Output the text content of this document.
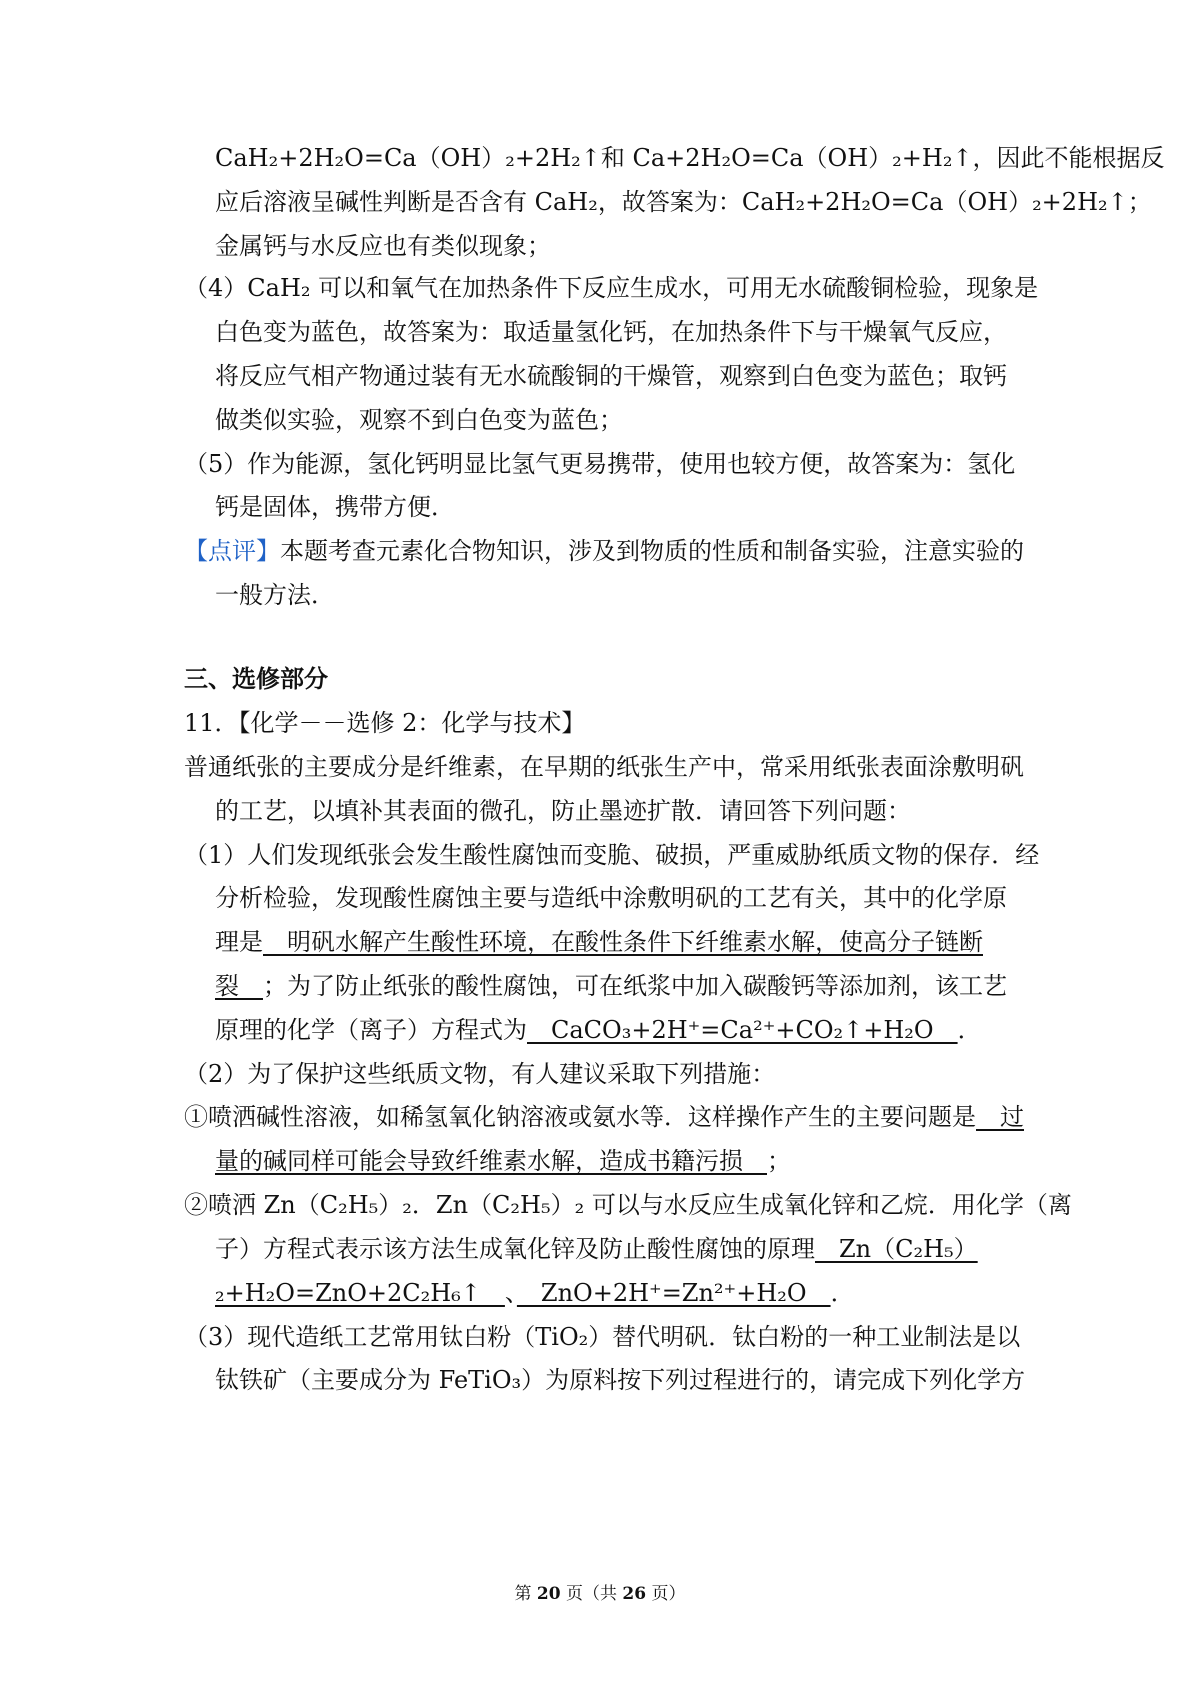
CaH₂+2H₂O=Ca（OH）₂+2H₂↑和 Ca+2H₂O=Ca（OH）₂+H₂↑，因此不能根据反
应后溶液呈碱性判断是否含有 CaH₂，故答案为：CaH₂+2H₂O=Ca（OH）₂+2H₂↑；
金属钙与水反应也有类似现象；
（4）CaH₂ 可以和氧气在加热条件下反应生成水，可用无水硫酸铜检验，现象是
白色变为蓝色，故答案为：取适量氢化钙，在加热条件下与干燥氧气反应，
将反应气相产物通过装有无水硫酸铜的干燥管，观察到白色变为蓝色；取钙
做类似实验，观察不到白色变为蓝色；
（5）作为能源，氢化钙明显比氢气更易携带，使用也较方便，故答案为：氢化
钙是固体，携带方便．
【点评】本题考查元素化合物知识，涉及到物质的性质和制备实验，注意实验的
一般方法．
三、选修部分
11．【化学－－选修 2：化学与技术】
普通纸张的主要成分是纤维素，在早期的纸张生产中，常采用纸张表面涂敷明矾
的工艺，以填补其表面的微孔，防止墨迹扩散．请回答下列问题：
（1）人们发现纸张会发生酸性腐蚀而变脆、破损，严重威胁纸质文物的保存．经
分析检验，发现酸性腐蚀主要与造纸中涂敷明矾的工艺有关，其中的化学原
理是　明矾水解产生酸性环境，在酸性条件下纤维素水解，使高分子链断
裂　；为了防止纸张的酸性腐蚀，可在纸浆中加入碳酸钙等添加剂，该工艺
原理的化学（离子）方程式为　CaCO₃+2H⁺=Ca²⁺+CO₂↑+H₂O　．
（2）为了保护这些纸质文物，有人建议采取下列措施：
①喷洒碱性溶液，如稀氢氧化钠溶液或氨水等．这样操作产生的主要问题是　过
量的碱同样可能会导致纤维素水解，造成书籍污损　；
②喷洒 Zn（C₂H₅）₂．Zn（C₂H₅）₂ 可以与水反应生成氧化锌和乙烷．用化学（离
子）方程式表示该方法生成氧化锌及防止酸性腐蚀的原理　Zn（C₂H₅）
₂+H₂O=ZnO+2C₂H₆↑　、　ZnO+2H⁺=Zn²⁺+H₂O　．
（3）现代造纸工艺常用钛白粉（TiO₂）替代明矾．钛白粉的一种工业制法是以
钛铁矿（主要成分为 FeTiO₃）为原料按下列过程进行的，请完成下列化学方
第 20 页（共 26 页）
